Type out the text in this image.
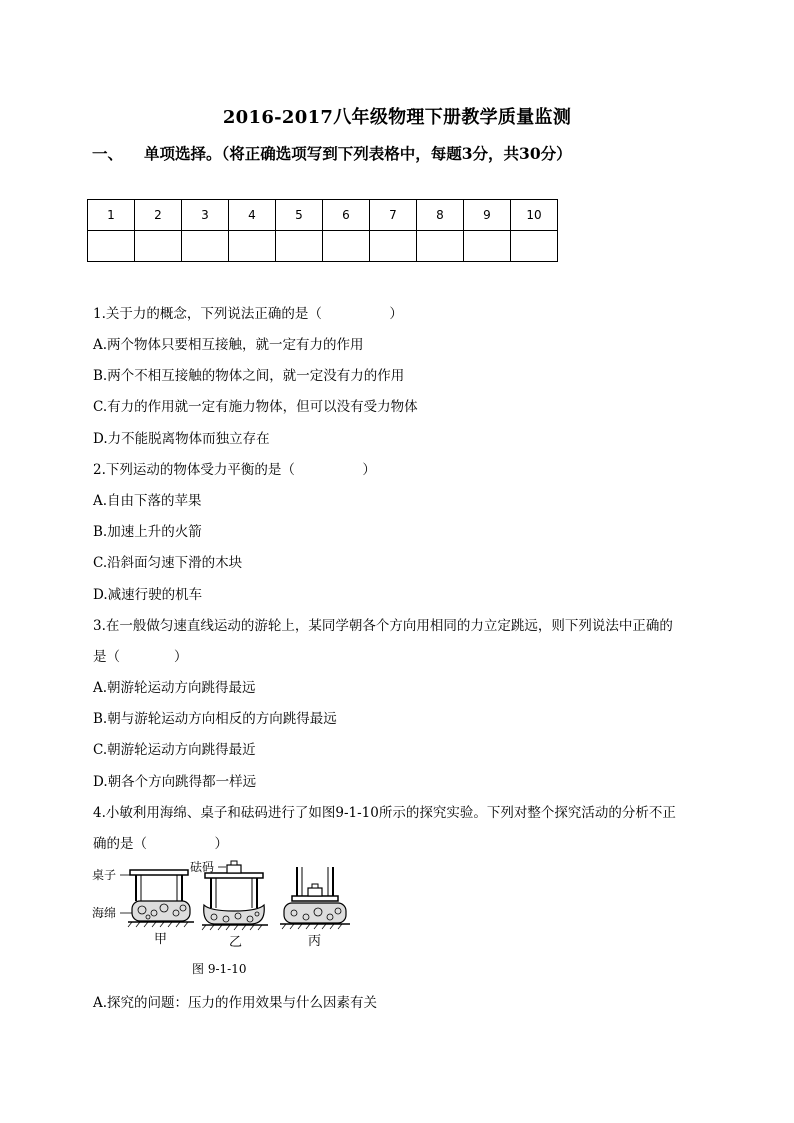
2016-2017八年级物理下册教学质量监测
一、 单项选择。（将正确选项写到下列表格中，每题3分，共30分）
1	2	3	4	5	6	7	8	9	10

1.关于力的概念，下列说法正确的是（　　　　　）
A.两个物体只要相互接触，就一定有力的作用
B.两个不相互接触的物体之间，就一定没有力的作用
C.有力的作用就一定有施力物体，但可以没有受力物体
D.力不能脱离物体而独立存在
2.下列运动的物体受力平衡的是（　　　　　）
A.自由下落的苹果
B.加速上升的火箭
C.沿斜面匀速下滑的木块
D.减速行驶的机车
3.在一般做匀速直线运动的游轮上，某同学朝各个方向用相同的力立定跳远，则下列说法中正确的
是（　　　　）
A.朝游轮运动方向跳得最远
B.朝与游轮运动方向相反的方向跳得最远
C.朝游轮运动方向跳得最近
D.朝各个方向跳得都一样远
4.小敏利用海绵、桌子和砝码进行了如图9-1-10所示的探究实验。下列对整个探究活动的分析不正
确的是（　　　　　）
桌子
海绵
砝码
甲	乙	丙
图 9-1-10
A.探究的问题：压力的作用效果与什么因素有关
